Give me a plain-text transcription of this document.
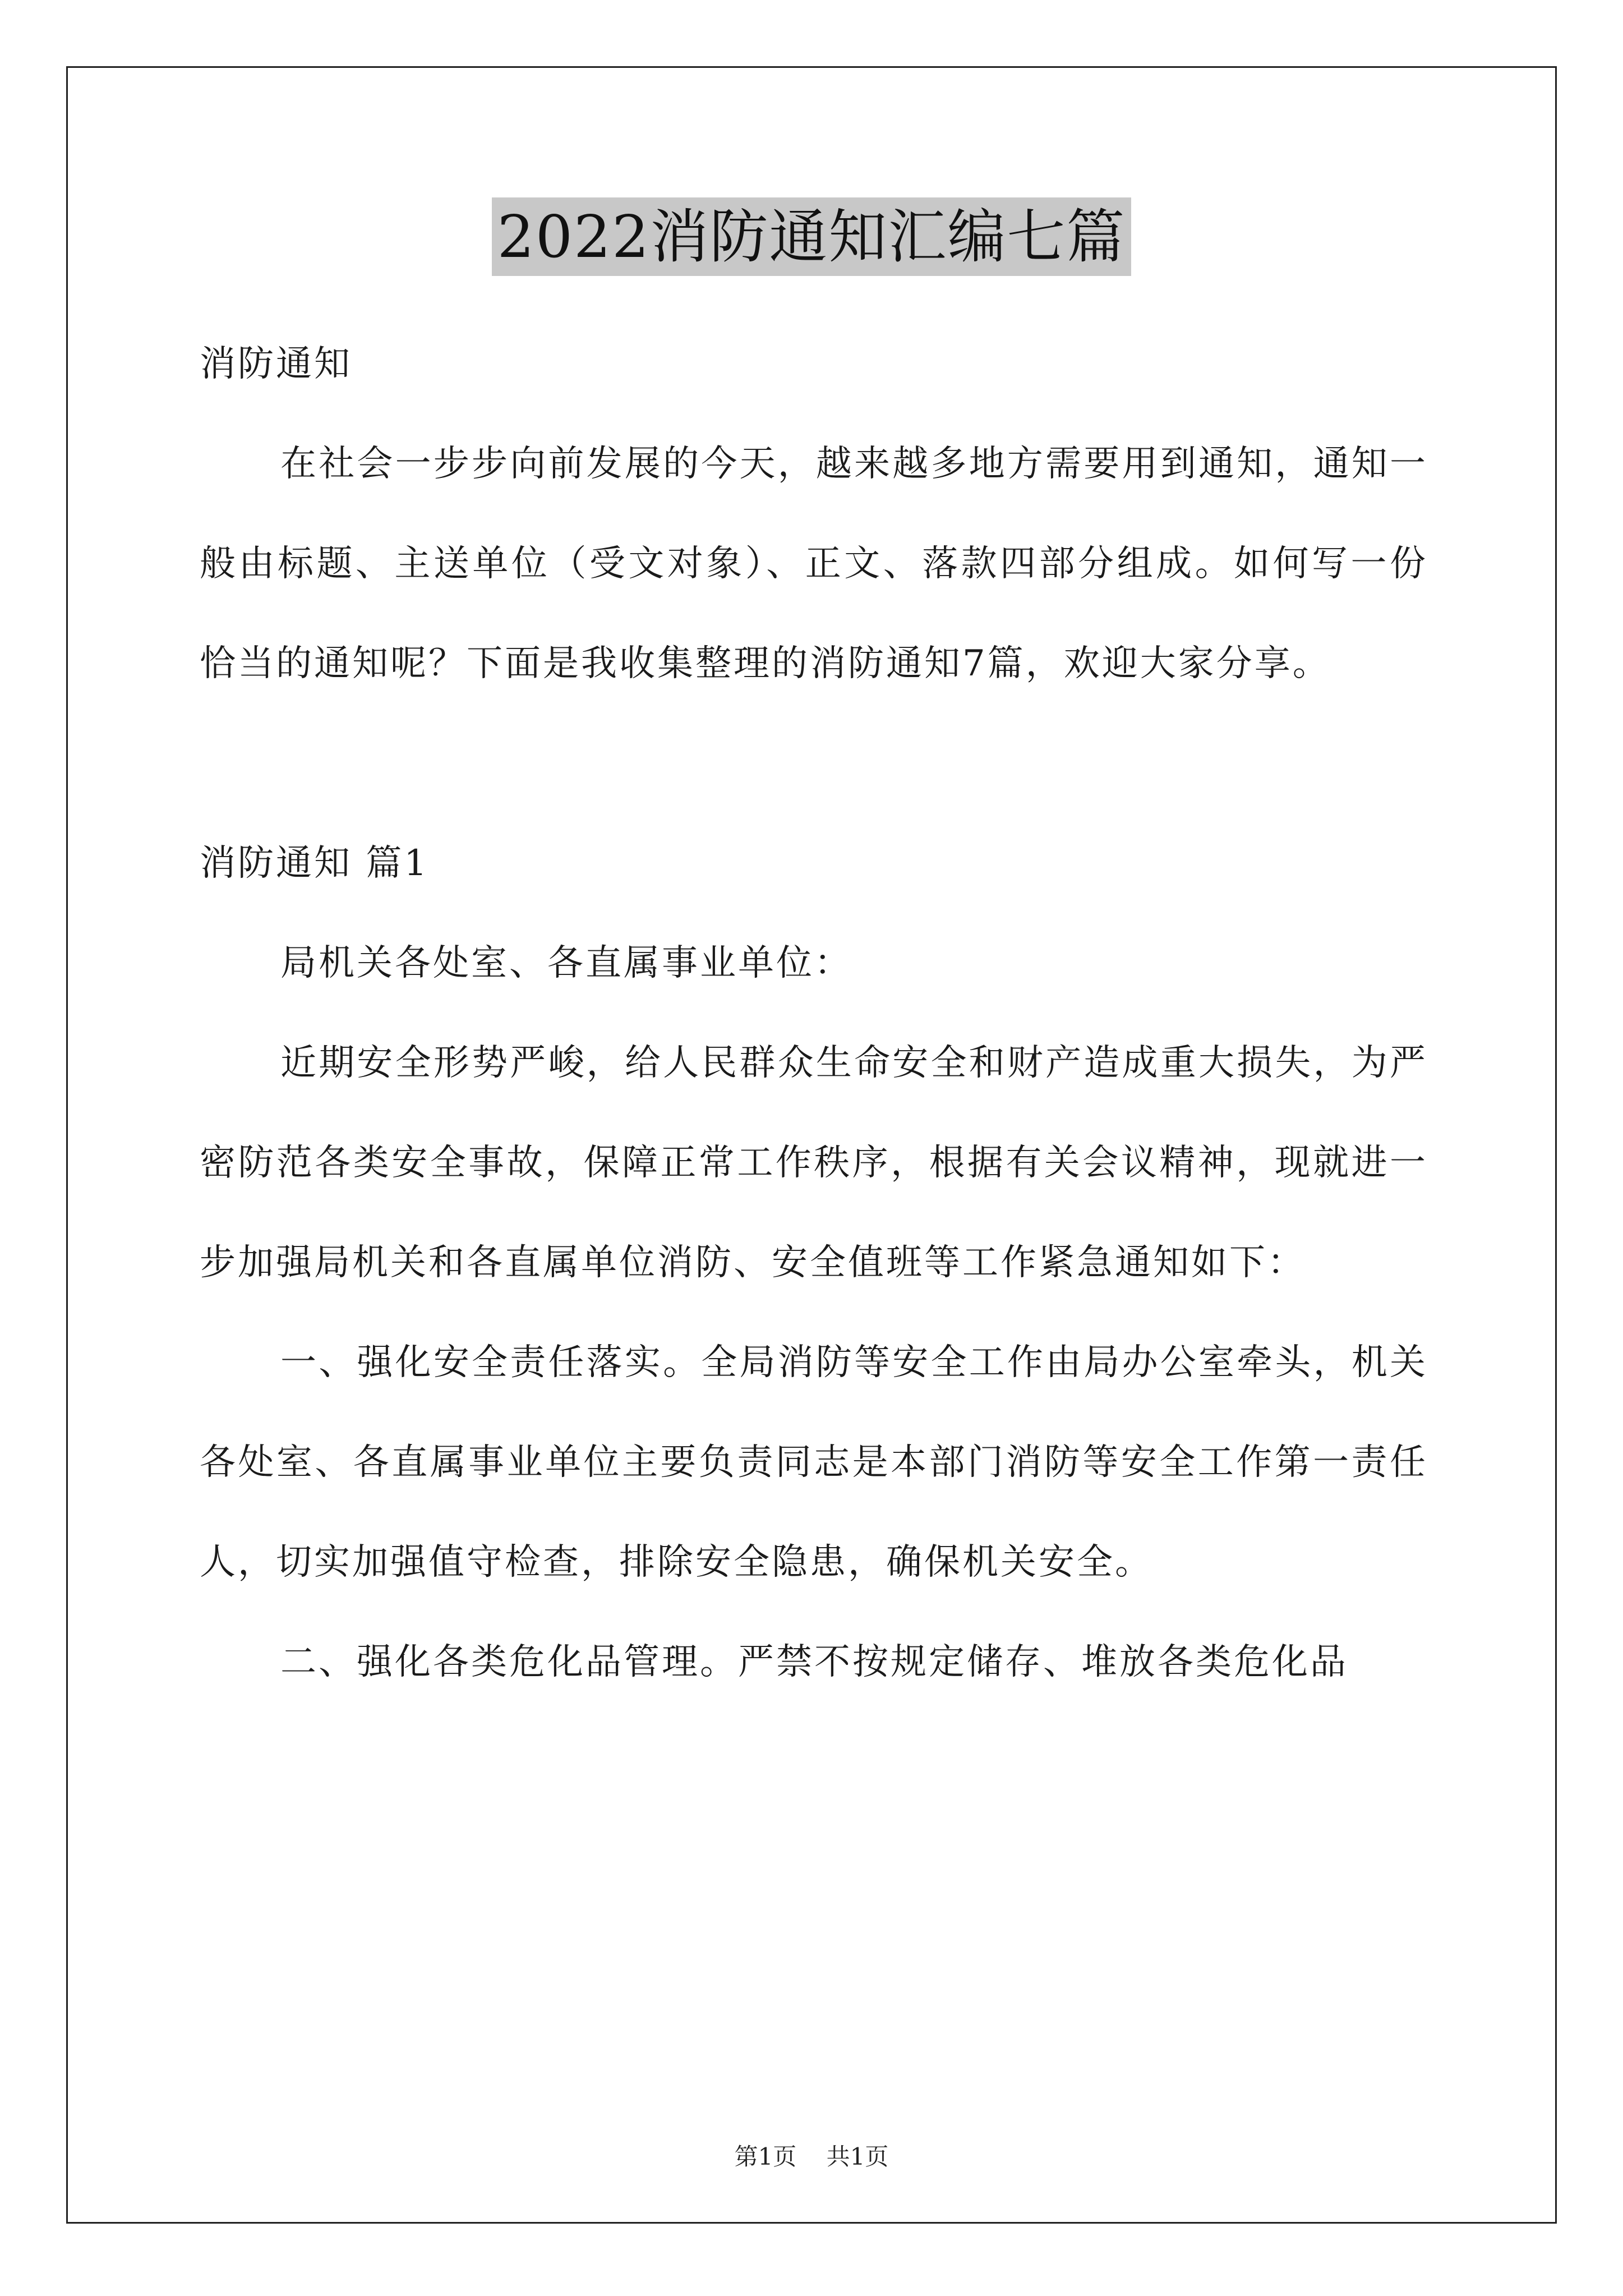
2022消防通知汇编七篇

消防通知

在社会一步步向前发展的今天，越来越多地方需要用到通知，通知一般由标题、主送单位（受文对象）、正文、落款四部分组成。如何写一份恰当的通知呢？下面是我收集整理的消防通知7篇，欢迎大家分享。

消防通知 篇1

局机关各处室、各直属事业单位：

近期安全形势严峻，给人民群众生命安全和财产造成重大损失，为严密防范各类安全事故，保障正常工作秩序，根据有关会议精神，现就进一步加强局机关和各直属单位消防、安全值班等工作紧急通知如下：

一、强化安全责任落实。全局消防等安全工作由局办公室牵头，机关各处室、各直属事业单位主要负责同志是本部门消防等安全工作第一责任人，切实加强值守检查，排除安全隐患，确保机关安全。

二、强化各类危化品管理。严禁不按规定储存、堆放各类危化品

第1页 共1页
